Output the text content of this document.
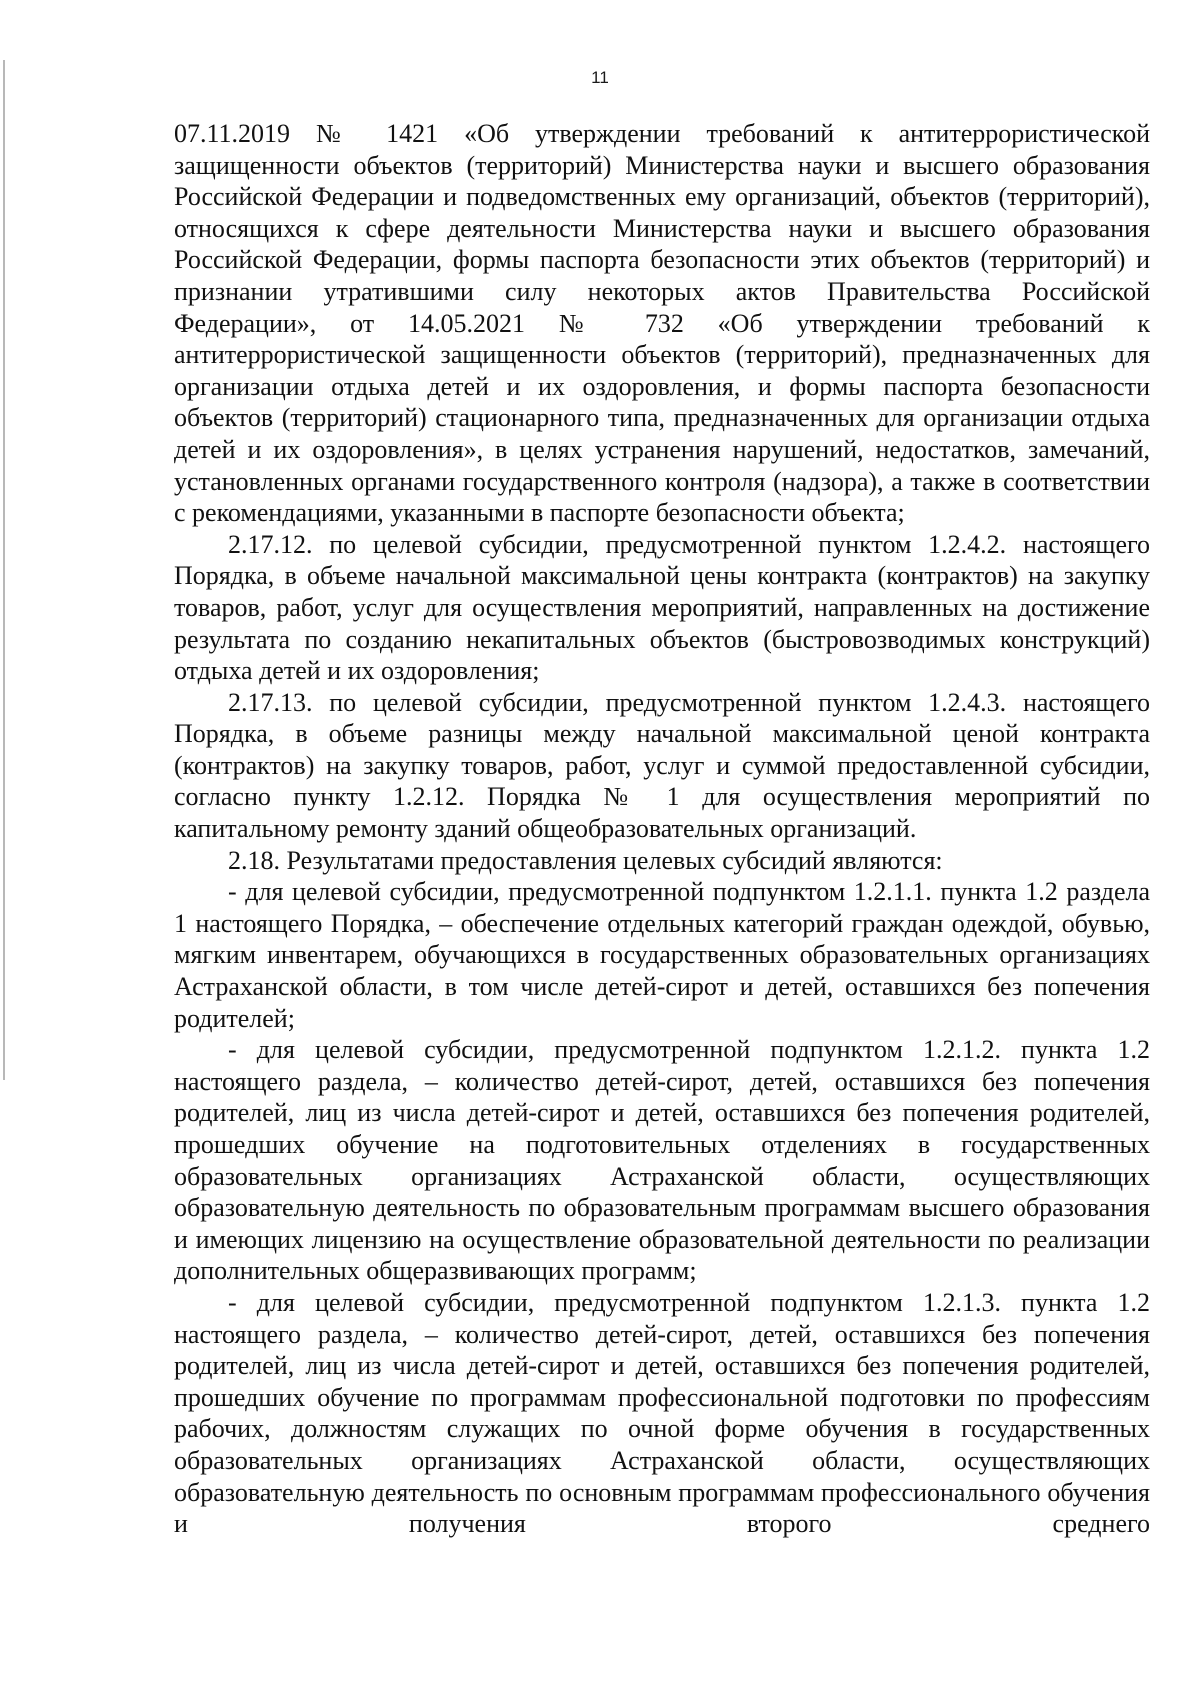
11

07.11.2019 № 1421 «Об утверждении требований к антитеррористической защищенности объектов (территорий) Министерства науки и высшего образования Российской Федерации и подведомственных ему организаций, объектов (территорий), относящихся к сфере деятельности Министерства науки и высшего образования Российской Федерации, формы паспорта безопасности этих объектов (территорий) и признании утратившими силу некоторых актов Правительства Российской Федерации», от 14.05.2021 № 732 «Об утверждении требований к антитеррористической защищенности объектов (территорий), предназначенных для организации отдыха детей и их оздоровления, и формы паспорта безопасности объектов (территорий) стационарного типа, предназначенных для организации отдыха детей и их оздоровления», в целях устранения нарушений, недостатков, замечаний, установленных органами государственного контроля (надзора), а также в соответствии с рекомендациями, указанными в паспорте безопасности объекта;

2.17.12. по целевой субсидии, предусмотренной пунктом 1.2.4.2. настоящего Порядка, в объеме начальной максимальной цены контракта (контрактов) на закупку товаров, работ, услуг для осуществления мероприятий, направленных на достижение результата по созданию некапитальных объектов (быстровозводимых конструкций) отдыха детей и их оздоровления;

2.17.13. по целевой субсидии, предусмотренной пунктом 1.2.4.3. настоящего Порядка, в объеме разницы между начальной максимальной ценой контракта (контрактов) на закупку товаров, работ, услуг и суммой предоставленной субсидии, согласно пункту 1.2.12. Порядка № 1 для осуществления мероприятий по капитальному ремонту зданий общеобразовательных организаций.

2.18. Результатами предоставления целевых субсидий являются:

- для целевой субсидии, предусмотренной подпунктом 1.2.1.1. пункта 1.2 раздела 1 настоящего Порядка, – обеспечение отдельных категорий граждан одеждой, обувью, мягким инвентарем, обучающихся в государственных образовательных организациях Астраханской области, в том числе детей-сирот и детей, оставшихся без попечения родителей;

- для целевой субсидии, предусмотренной подпунктом 1.2.1.2. пункта 1.2 настоящего раздела, – количество детей-сирот, детей, оставшихся без попечения родителей, лиц из числа детей-сирот и детей, оставшихся без попечения родителей, прошедших обучение на подготовительных отделениях в государственных образовательных организациях Астраханской области, осуществляющих образовательную деятельность по образовательным программам высшего образования и имеющих лицензию на осуществление образовательной деятельности по реализации дополнительных общеразвивающих программ;

- для целевой субсидии, предусмотренной подпунктом 1.2.1.3. пункта 1.2 настоящего раздела, – количество детей-сирот, детей, оставшихся без попечения родителей, лиц из числа детей-сирот и детей, оставшихся без попечения родителей, прошедших обучение по программам профессиональной подготовки по профессиям рабочих, должностям служащих по очной форме обучения в государственных образовательных организациях Астраханской области, осуществляющих образовательную деятельность по основным программам профессионального обучения и получения второго среднего
